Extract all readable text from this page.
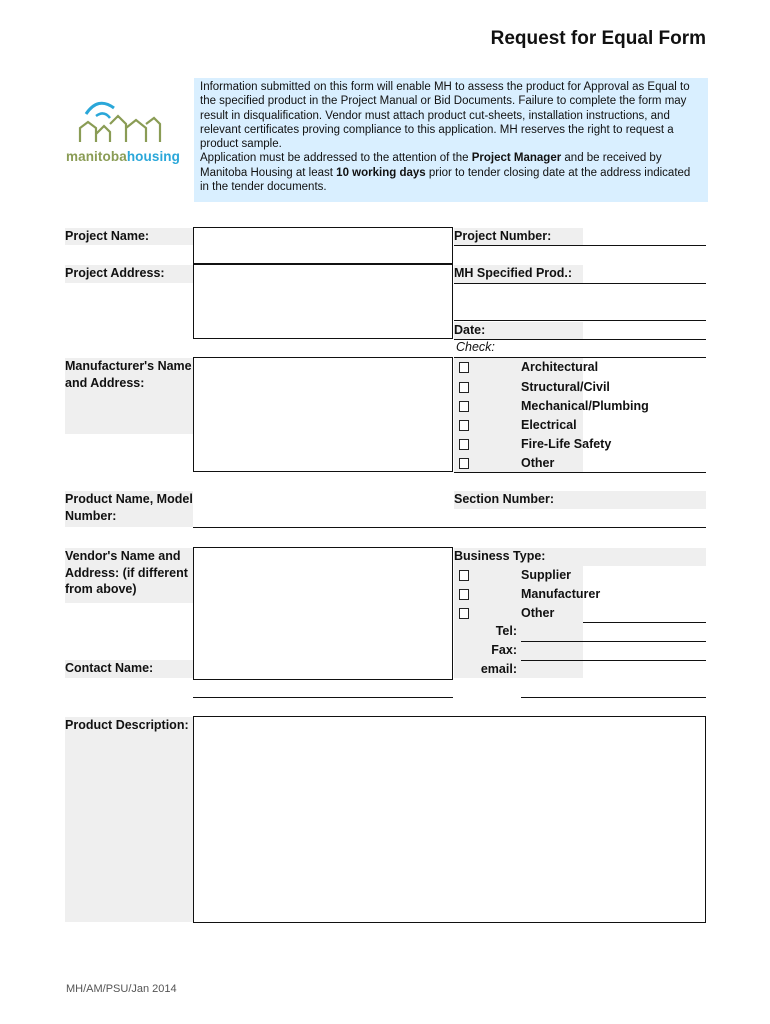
Request for Equal Form
manitobahousing
Information submitted on this form will enable MH to assess the product for Approval as Equal to the specified product in the Project Manual or Bid Documents. Failure to complete the form may result in disqualification. Vendor must attach product cut-sheets, installation instructions, and relevant certificates proving compliance to this application. MH reserves the right to request a product sample.
Application must be addressed to the attention of the Project Manager and be received by Manitoba Housing at least 10 working days prior to tender closing date at the address indicated in the tender documents.
Project Name:
Project Address:
Manufacturer's Name and Address:
Product Name, Model Number:
Vendor's Name and Address: (if different from above)
Contact Name:
Product Description:
Project Number:
MH Specified Prod.:
Date:
Check:
Architectural
Structural/Civil
Mechanical/Plumbing
Electrical
Fire-Life Safety
Other
Section Number:
Business Type:
Supplier
Manufacturer
Other
Tel:
Fax:
email:
MH/AM/PSU/Jan 2014
